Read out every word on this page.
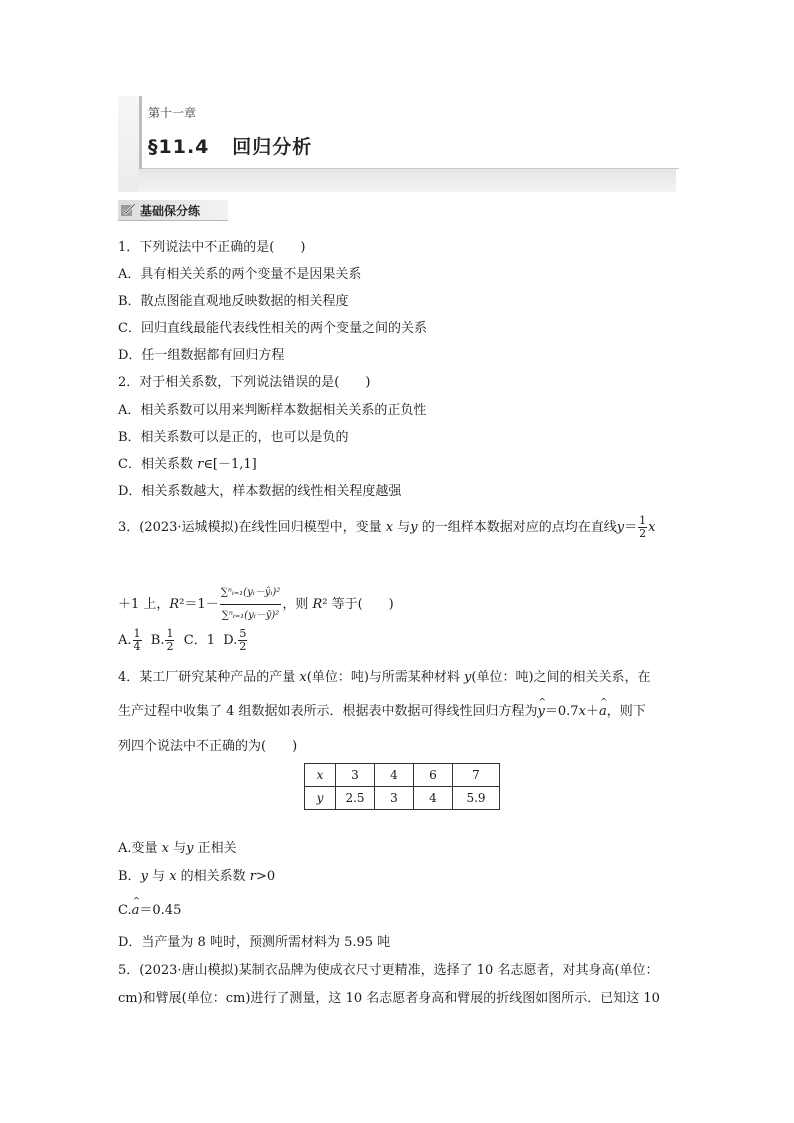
第十一章
§11.4 回归分析
基础保分练
1．下列说法中不正确的是(　　)
A．具有相关关系的两个变量不是因果关系
B．散点图能直观地反映数据的相关程度
C．回归直线最能代表线性相关的两个变量之间的关系
D．任一组数据都有回归方程
2．对于相关系数，下列说法错误的是(　　)
A．相关系数可以用来判断样本数据相关关系的正负性
B．相关系数可以是正的，也可以是负的
C．相关系数 r∈[－1,1]
D．相关系数越大，样本数据的线性相关程度越强
3．(2023·运城模拟)在线性回归模型中，变量 x 与y 的一组样本数据对应的点均在直线$y= \frac{1}{2}$ x
＋1 上，$R^2=1- \frac{\text{∑ⁿᵢ₌₁(yᵢ－ŷᵢ)²}}{\text{∑ⁿᵢ₌₁(yᵢ－ȳ)²}}$ ，则 R² 等于(　　)
A. $\frac{1}{4} B$. $\frac{1}{2}$ C．1 D. $\frac{5}{2}$
4．某工厂研究某种产品的产量 x(单位：吨)与所需某种材料 y(单位：吨)之间的相关关系，在
生产过程中收集了 4 组数据如表所示．根据表中数据可得线性回归方程为^ y＝0.7x＋^ a，则下
列四个说法中不正确的为(　　)
x	3	4	6	7
y	2.5	3	4	5.9
A.变量 x 与y 正相关
B．y 与 x 的相关系数 r>0
C.^ a＝0.45
D．当产量为 8 吨时，预测所需材料为 5.95 吨
5．(2023·唐山模拟)某制衣品牌为使成衣尺寸更精准，选择了 10 名志愿者，对其身高(单位：
cm)和臂展(单位：cm)进行了测量，这 10 名志愿者身高和臂展的折线图如图所示．已知这 10
